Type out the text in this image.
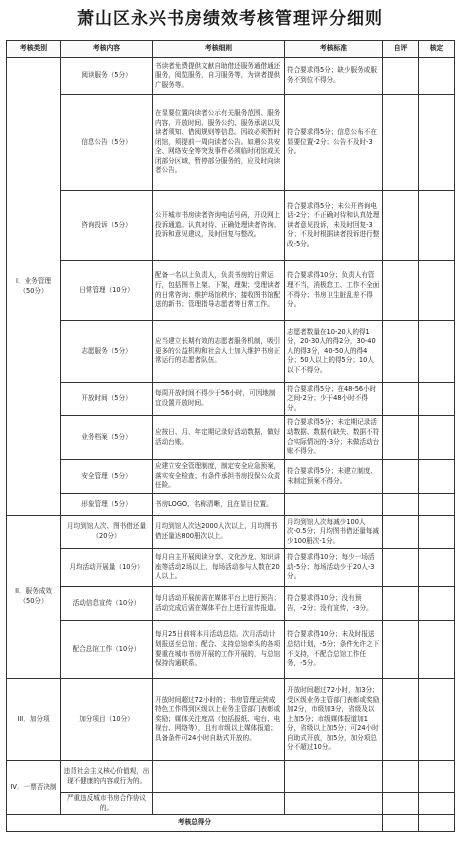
萧山区永兴书房绩效考核管理评分细则
考核类别	考核内容	考核细则	考核标准	自评	核定
I．业务管理（50分）	阅读服务（5分）	书读者免费提供文献自助借还服务通借通还服务，阅览服务，自习服务等，为读者提供广服务等。	符合要求得5分；缺少服务或服务不到位不得分。		
	信息公告（5分）	在显要位置向读者公示有关服务范围、服务内容、开放时间、服务公约、服务承诺以及读者须知、借阅规则等信息。因故必须暂时闭馆，须提前一周向读者公告。如遇公共安全、网络安全等突发事件必须临时闭馆或关闭部分区域，暂停部分服务的，应及时向读者公告。	符合要求得5分；信息公布不在显要位置-2分；公告不及时-3分。		
	咨询投诉（5分）	公开城市书房读者咨询电话号码，开设网上投诉通道。认真对待、正确处理读者咨询、投诉和意见建议，及时回复与整改。	符合要求得5分；未公开咨询电话-2分；不正确对待和认真处理读者意见投诉，未及时回复-3分；不及时根据读者投诉进行整改-5分。		
	日常管理（10分）	配备一名以上负责人，负责书房的日常运行，包括图书上架、下架，理架；受理读者的日常咨询；维护场馆秩序；接收图书馆配送的新书；管理指导志愿者等日常工作。	符合要求得10分；负责人有管理不当，消极怠工、工作不全面不得分；书房卫生脏乱差不得分。		
	志愿服务（5分）	应当建立长期有效的志愿者服务机制，吸引更多的公益机构和社会人士加入维护书房正常运行的志愿者队伍。	志愿者数量在10-20人的得1分，20-30人的得2分，30-40人的得3分，40-50人的得4分；50人以上的得5分；10人以下不得分。		
	开放时间（5分）	每周开放时间不得少于56小时，可因地制宜设置开放时间。	符合要求得5分；在48-56小时之间-2分；少于48小时不得分。		
	业务档案（5分）	应按日、月、年定期记录好活动数据，做好活动台账。	符合要求得5分；未定期记录活动数据、数据有缺失、数据不符合实际情况的-3分；未做活动台账不得分。		
	安全管理（5分）	应建立安全管理制度，制定安全应急预案，落实安全检查；有条件承担书房投保公众责任险。	符合要求得5分；未建立制度、未制定预案不得分。		
	形象管理（5分）	书房LOGO、名称清晰，且在显目位置。			
II．服务成效（50分）	月均到馆人次、图书借还量（20分）	月均到馆人次达2000人次以上，月均图书借还量达800册次以上。	月均到馆人次每减少100人次-0.5分；月均图书借还量每减少100册次-1分。		
	月均活动开展量（10分）	每月自主开展阅读分享、文化沙龙、知识讲座等活动2场以上，每场活动参与人数在20人以上。	符合要求得10分；每少一场活动-5分；每场活动少于20人-3分。		
	活动信息宣传（10分）	每月活动开展前需在媒体平台上进行预告；活动完成后需在媒体平台上进行宣传报道。	符合要求得10分；没有预告，-2分；没有宣传，-3分。		
	配合总馆工作（10分）	每月25日前将本月活动总结、次月活动计划报送至总馆；配合、支持总馆牵头的各项要重在城市书房开展的工作开展的，与总馆保持沟通联系。	符合要求得10分；未及时报送总结计划，-5分；条件允许之下不支持，不配合总馆工作任务，-5分。		
III．加分项	加分项目（10分）	开放时间超过72小时的；书房管理运营成特色工作得到区级以上业务主管部门表彰或奖励；媒体关注度高（包括报纸、电台、电视台、网络等），且有市级以上媒体报道；具备条件可24小时自助式开放的。	开放时间超过72小时，加3分；受区级业务主管部门表彰或奖励加2分，市级加3分，省级及以上加5分；市级媒体报道加1分，省级以上加5分；可24小时自助式开放，加5分，加分项总分不超过10分。		
IV．一票否决制	违背社会主义核心价值观，出现不健康的内容或行为的。				
	严重违反城市书房合作协议的。				
考核总得分					
